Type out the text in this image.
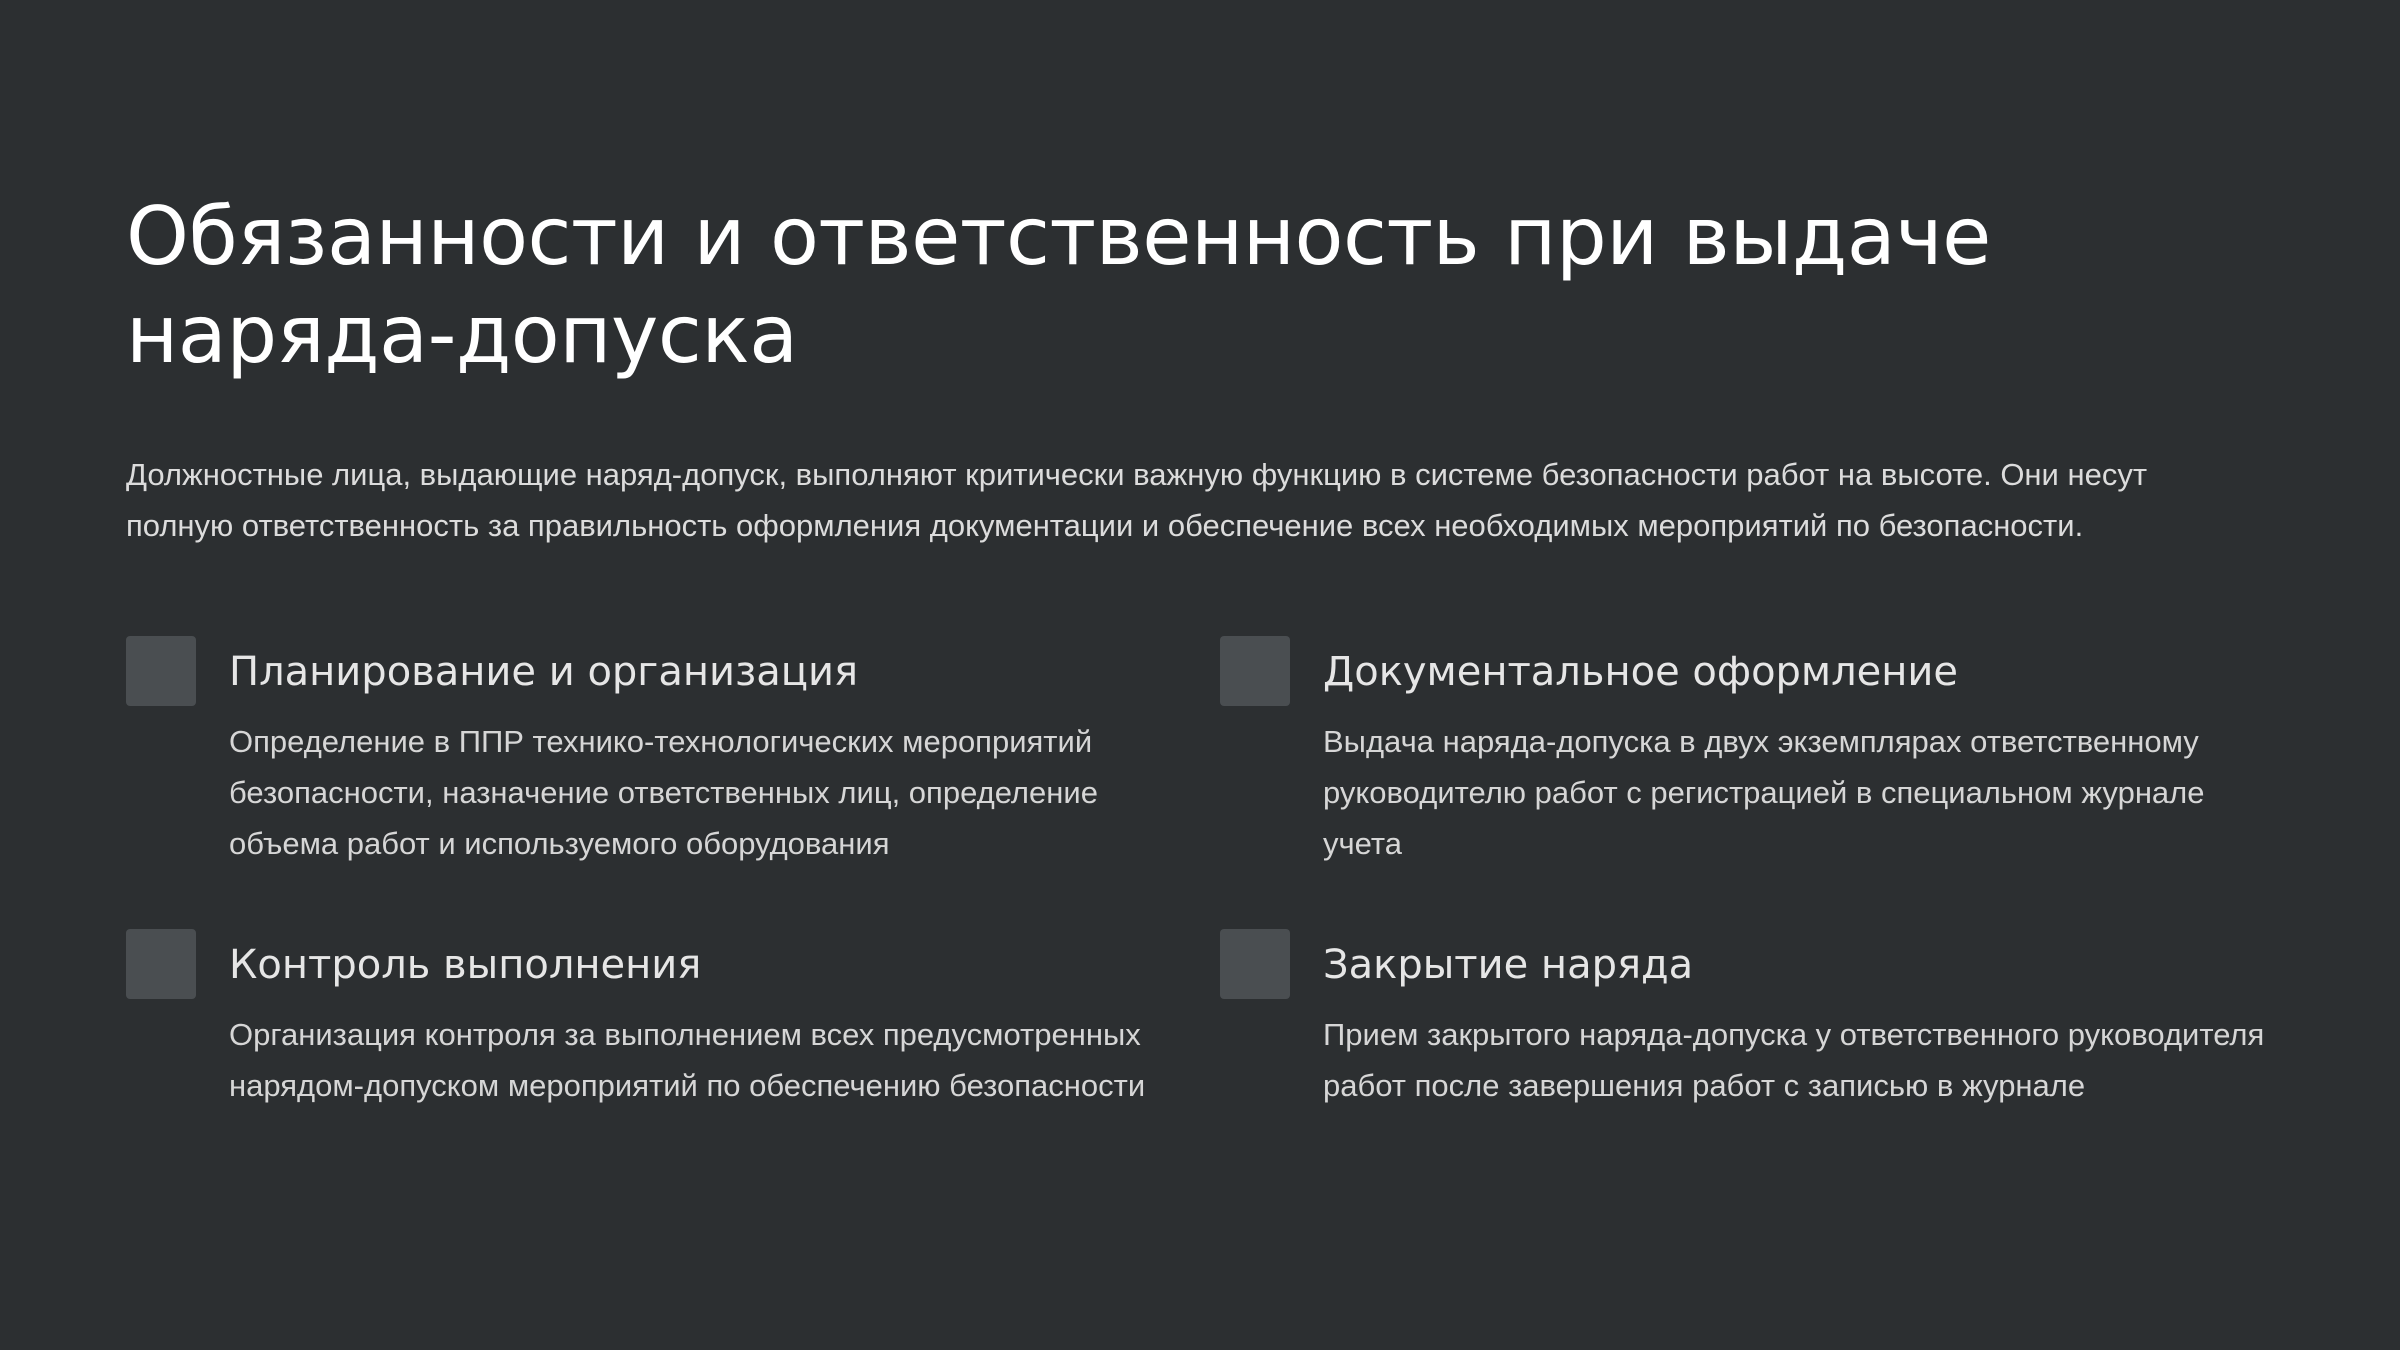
Обязанности и ответственность при выдаче наряда-допуска

Должностные лица, выдающие наряд-допуск, выполняют критически важную функцию в системе безопасности работ на высоте. Они несут полную ответственность за правильность оформления документации и обеспечение всех необходимых мероприятий по безопасности.

Планирование и организация

Определение в ППР технико-технологических мероприятий безопасности, назначение ответственных лиц, определение объема работ и используемого оборудования

Документальное оформление

Выдача наряда-допуска в двух экземплярах ответственному руководителю работ с регистрацией в специальном журнале учета

Контроль выполнения

Организация контроля за выполнением всех предусмотренных нарядом-допуском мероприятий по обеспечению безопасности

Закрытие наряда

Прием закрытого наряда-допуска у ответственного руководителя работ после завершения работ с записью в журнале
